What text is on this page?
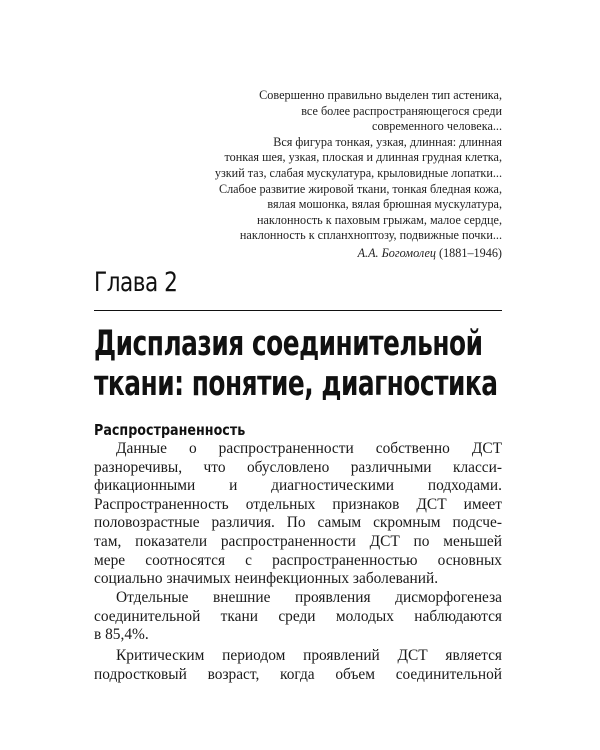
Совершенно правильно выделен тип астеника,
все более распространяющегося среди
современного человека...
Вся фигура тонкая, узкая, длинная: длинная
тонкая шея, узкая, плоская и длинная грудная клетка,
узкий таз, слабая мускулатура, крыловидные лопатки...
Слабое развитие жировой ткани, тонкая бледная кожа,
вялая мошонка, вялая брюшная мускулатура,
наклонность к паховым грыжам, малое сердце,
наклонность к спланхноптозу, подвижные почки...
А.А. Богомолец (1881–1946)
Глава 2
Дисплазия соединительной
ткани: понятие, диагностика
Распространенность
Данные о распространенности собственно ДСТ
разноречивы, что обусловлено различными класси-
фикационными и диагностическими подходами.
Распространенность отдельных признаков ДСТ имеет
половозрастные различия. По самым скромным подсче-
там, показатели распространенности ДСТ по меньшей
мере соотносятся с распространенностью основных
социально значимых неинфекционных заболеваний.
Отдельные внешние проявления дисморфогенеза
соединительной ткани среди молодых наблюдаются
в 85,4%.
Критическим периодом проявлений ДСТ является
подростковый возраст, когда объем соединительной
